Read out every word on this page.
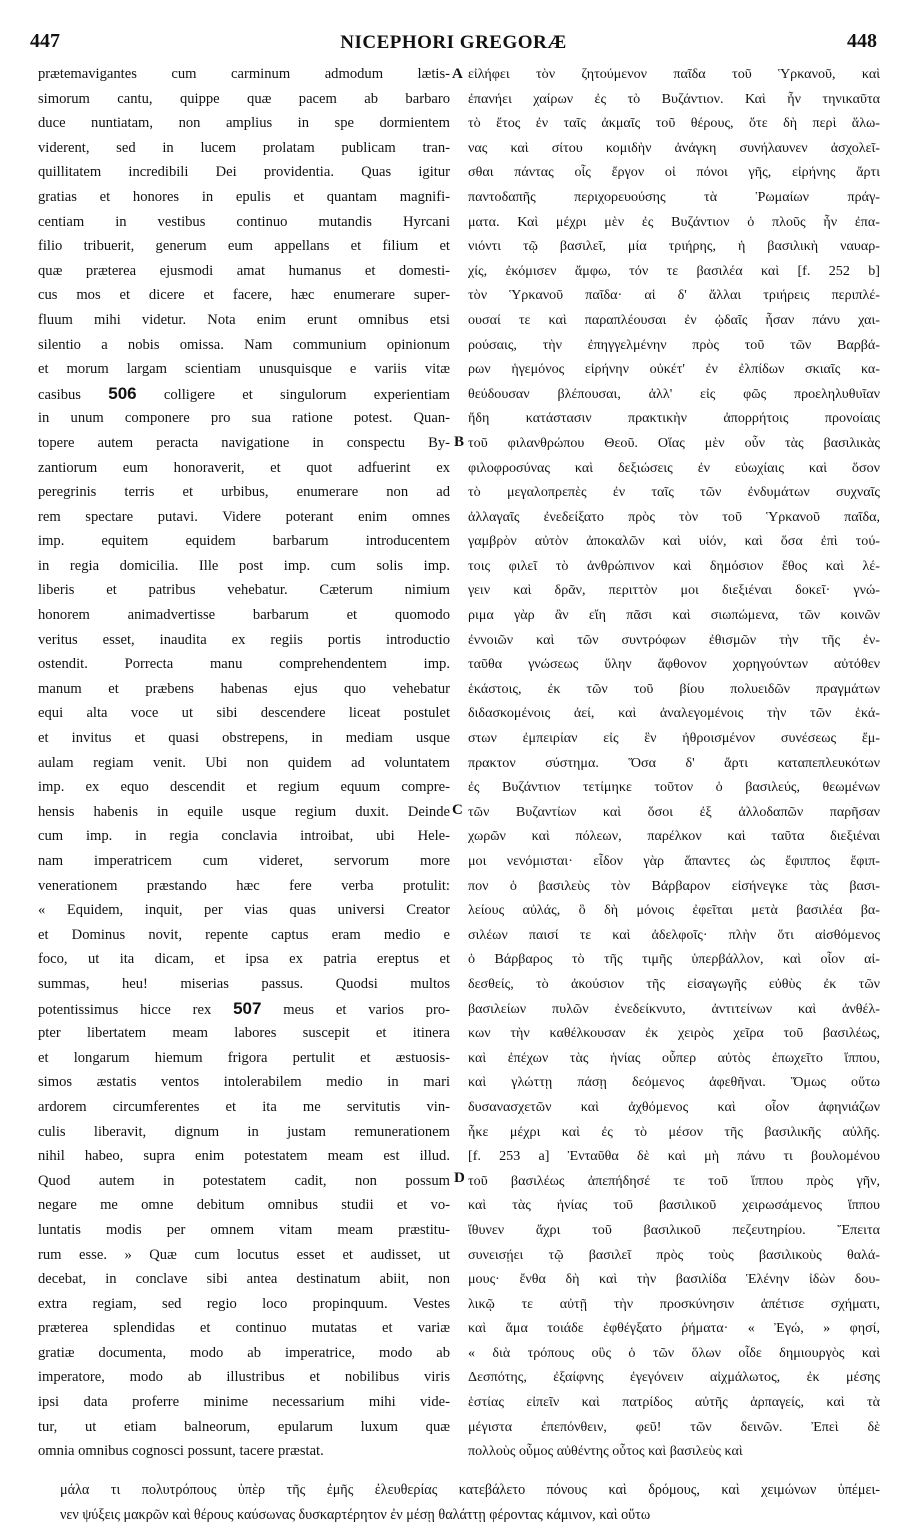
447	NICEPHORI GREGORÆ	448
prætemavigantes cum carminum admodum lætis-
simorum cantu, quippe quæ pacem ab barbaro
duce nuntiatam, non amplius in spe dormientem
viderent, sed in lucem prolatam publicam tran-
quillitatem incredibili Dei providentia. Quas igitur
gratias et honores in epulis et quantam magnifi-
centiam in vestibus continuo mutandis Hyrcani
filio tribuerit, generum eum appellans et filium et
quæ præterea ejusmodi amat humanus et domesti-
cus mos et dicere et facere, hæc enumerare super-
fluum mihi videtur. Nota enim erunt omnibus etsi
silentio a nobis omissa. Nam communium opinionum
et morum largam scientiam unusquisque e variis vitæ
casibus 506 colligere et singulorum experientiam
in unum componere pro sua ratione potest. Quan-
topere autem peracta navigatione in conspectu By-
zantiorum eum honoraverit, et quot adfuerint ex
peregrinis terris et urbibus, enumerare non ad
rem spectare putavi. Videre poterant enim omnes
imp. equitem equidem barbarum introducentem
in regia domicilia. Ille post imp. cum solis imp.
liberis et patribus vehebatur. Cæterum nimium
honorem animadvertisse barbarum et quomodo
veritus esset, inaudita ex regiis portis introductio
ostendit. Porrecta manu comprehendentem imp.
manum et præbens habenas ejus quo vehebatur
equi alta voce ut sibi descendere liceat postulet
et invitus et quasi obstrepens, in mediam usque
aulam regiam venit. Ubi non quidem ad voluntatem
imp. ex equo descendit et regium equum compre-
hensis habenis in equile usque regium duxit. Deinde
cum imp. in regia conclavia introibat, ubi Hele-
nam imperatricem cum videret, servorum more
venerationem præstando hæc fere verba protulit:
« Equidem, inquit, per vias quas universi Creator
et Dominus novit, repente captus eram medio e
foco, ut ita dicam, et ipsa ex patria ereptus et
summas, heu! miserias passus. Quodsi multos
potentissimus hicce rex 507 meus et varios pro-
pter libertatem meam labores suscepit et itinera
et longarum hiemum frigora pertulit et æstuosis-
simos æstatis ventos intolerabilem medio in mari
ardorem circumferentes et ita me servitutis vin-
culis liberavit, dignum in justam remunerationem
nihil habeo, supra enim potestatem meam est illud.
Quod autem in potestatem cadit, non possum
negare me omne debitum omnibus studii et vo-
luntatis modis per omnem vitam meam præstitu-
rum esse. » Quæ cum locutus esset et audisset, ut
decebat, in conclave sibi antea destinatum abiit, non
extra regiam, sed regio loco propinquum. Vestes
præterea splendidas et continuo mutatas et variæ
gratiæ documenta, modo ab imperatrice, modo ab
imperatore, modo ab illustribus et nobilibus viris
ipsi data proferre minime necessarium mihi vide-
tur, ut etiam balneorum, epularum luxum quæ
omnia omnibus cognosci possunt, tacere præstat.
εἰλήφει τὸν ζητούμενον παῖδα τοῦ Ὑρκανοῦ, καὶ
ἐπανήει χαίρων ἐς τὸ Βυζάντιον. Καὶ ἦν τηνικαῦτα
τὸ ἔτος ἐν ταῖς ἀκμαῖς τοῦ θέρους, ὅτε δὴ περὶ ἅλω-
νας καὶ σίτου κομιδὴν ἀνάγκη συνήλαυνεν ἀσχολεῖ-
σθαι πάντας οἷς ἔργον οἱ πόνοι γῆς, εἰρήνης ἄρτι
παντοδαπῆς περιχορευούσης τὰ Ῥωμαίων πράγ-
ματα. Καὶ μέχρι μὲν ἐς Βυζάντιον ὁ πλοῦς ἦν ἐπα-
νιόντι τῷ βασιλεῖ, μία τριήρης, ἡ βασιλικὴ ναυαρ-
χίς, ἐκόμισεν ἄμφω, τόν τε βασιλέα καὶ [f. 252 b]
τὸν Ὑρκανοῦ παῖδα· αἱ δ' ἄλλαι τριήρεις περιπλέ-
ουσαί τε καὶ παραπλέουσαι ἐν ᾠδαῖς ἦσαν πάνυ χαι-
ρούσαις, τὴν ἐπηγγελμένην πρὸς τοῦ τῶν Βαρβά-
ρων ἡγεμόνος εἰρήνην οὐκέτ' ἐν ἐλπίδων σκιαῖς κα-
θεύδουσαν βλέπουσαι, ἀλλ' εἰς φῶς προεληλυθυῖαν
ἤδη κατάστασιν πρακτικὴν ἀπορρήτοις προνοίαις
τοῦ φιλανθρώπου Θεοῦ. Οἵας μὲν οὖν τὰς βασιλικὰς
φιλοφροσύνας καὶ δεξιώσεις ἐν εὐωχίαις καὶ ὅσον
τὸ μεγαλοπρεπὲς ἐν ταῖς τῶν ἐνδυμάτων συχναῖς
ἀλλαγαῖς ἐνεδείξατο πρὸς τὸν τοῦ Ὑρκανοῦ παῖδα,
γαμβρὸν αὐτὸν ἀποκαλῶν καὶ υἱόν, καὶ ὅσα ἐπὶ τού-
τοις φιλεῖ τὸ ἀνθρώπινον καὶ δημόσιον ἔθος καὶ λέ-
γειν καὶ δρᾶν, περιττὸν μοι διεξιέναι δοκεῖ· γνώ-
ριμα γὰρ ἂν εἴη πᾶσι καὶ σιωπώμενα, τῶν κοινῶν
ἐννοιῶν καὶ τῶν συντρόφων ἐθισμῶν τὴν τῆς ἐν-
ταῦθα γνώσεως ὕλην ἄφθονον χορηγούντων αὐτόθεν
ἑκάστοις, ἐκ τῶν τοῦ βίου πολυειδῶν πραγμάτων
διδασκομένοις ἀεί, καὶ ἀναλεγομένοις τὴν τῶν ἑκά-
στων ἐμπειρίαν εἰς ἓν ἠθροισμένον συνέσεως ἔμ-
πρακτον σύστημα. Ὅσα δ' ἄρτι καταπεπλευκότων
ἐς Βυζάντιον τετίμηκε τοῦτον ὁ βασιλεύς, θεωμένων
τῶν Βυζαντίων καὶ ὅσοι ἐξ ἀλλοδαπῶν παρῆσαν
χωρῶν καὶ πόλεων, παρέλκον καὶ ταῦτα διεξιέναι
μοι νενόμισται· εἶδον γὰρ ἅπαντες ὡς ἔφιππος ἔφιπ-
πον ὁ βασιλεὺς τὸν Βάρβαρον εἰσήνεγκε τὰς βασι-
λείους αὐλάς, ὃ δὴ μόνοις ἐφεῖται μετὰ βασιλέα βα-
σιλέων παισί τε καὶ ἀδελφοῖς· πλὴν ὅτι αἰσθόμενος
ὁ Βάρβαρος τὸ τῆς τιμῆς ὑπερβάλλον, καὶ οἷον αἰ-
δεσθείς, τὸ ἀκούσιον τῆς εἰσαγωγῆς εὐθὺς ἐκ τῶν
βασιλείων πυλῶν ἐνεδείκνυτο, ἀντιτείνων καὶ ἀνθέλ-
κων τὴν καθέλκουσαν ἐκ χειρὸς χεῖρα τοῦ βασιλέως,
καὶ ἐπέχων τὰς ἡνίας οὗπερ αὐτὸς ἐπωχεῖτο ἵππου,
καὶ γλώττῃ πάσῃ δεόμενος ἀφεθῆναι. Ὅμως οὕτω
δυσανασχετῶν καὶ ἀχθόμενος καὶ οἷον ἀφηνιάζων
ἧκε μέχρι καὶ ἐς τὸ μέσον τῆς βασιλικῆς αὐλῆς.
[f. 253 a] Ἐνταῦθα δὲ καὶ μὴ πάνυ τι βουλομένου
τοῦ βασιλέως ἀπεπήδησέ τε τοῦ ἵππου πρὸς γῆν,
καὶ τὰς ἡνίας τοῦ βασιλικοῦ χειρωσάμενος ἵππου
ἴθυνεν ἄχρι τοῦ βασιλικοῦ πεζευτηρίου. Ἔπειτα
συνεισῄει τῷ βασιλεῖ πρὸς τοὺς βασιλικοὺς θαλά-
μους· ἔνθα δὴ καὶ τὴν βασιλίδα Ἑλένην ἰδὼν δου-
λικῷ τε αὐτῇ τὴν προσκύνησιν ἀπέτισε σχήματι,
καὶ ἅμα τοιάδε ἐφθέγξατο ῥήματα· « Ἐγώ, » φησί,
« διὰ τρόπους οὓς ὁ τῶν ὅλων οἶδε δημιουργὸς καὶ
Δεσπότης, ἐξαίφνης ἐγεγόνειν αἰχμάλωτος, ἐκ μέσης
ἑστίας εἰπεῖν καὶ πατρίδος αὐτῆς ἁρπαγείς, καὶ τὰ
μέγιστα ἐπεπόνθειν, φεῦ! τῶν δεινῶν. Ἐπεὶ δὲ
πολλοὺς οὗμος αὐθέντης οὗτος καὶ βασιλεὺς καὶ
A
B
C
D
μάλα τι πολυτρόπους ὑπὲρ τῆς ἐμῆς ἐλευθερίας κατεβάλετο πόνους καὶ δρόμους, καὶ χειμώνων ὑπέμει-
νεν ψύξεις μακρῶν καὶ θέρους καύσωνας δυσκαρτέρητον ἐν μέσῃ θαλάττῃ φέροντας κάμινον, καὶ οὕτω
